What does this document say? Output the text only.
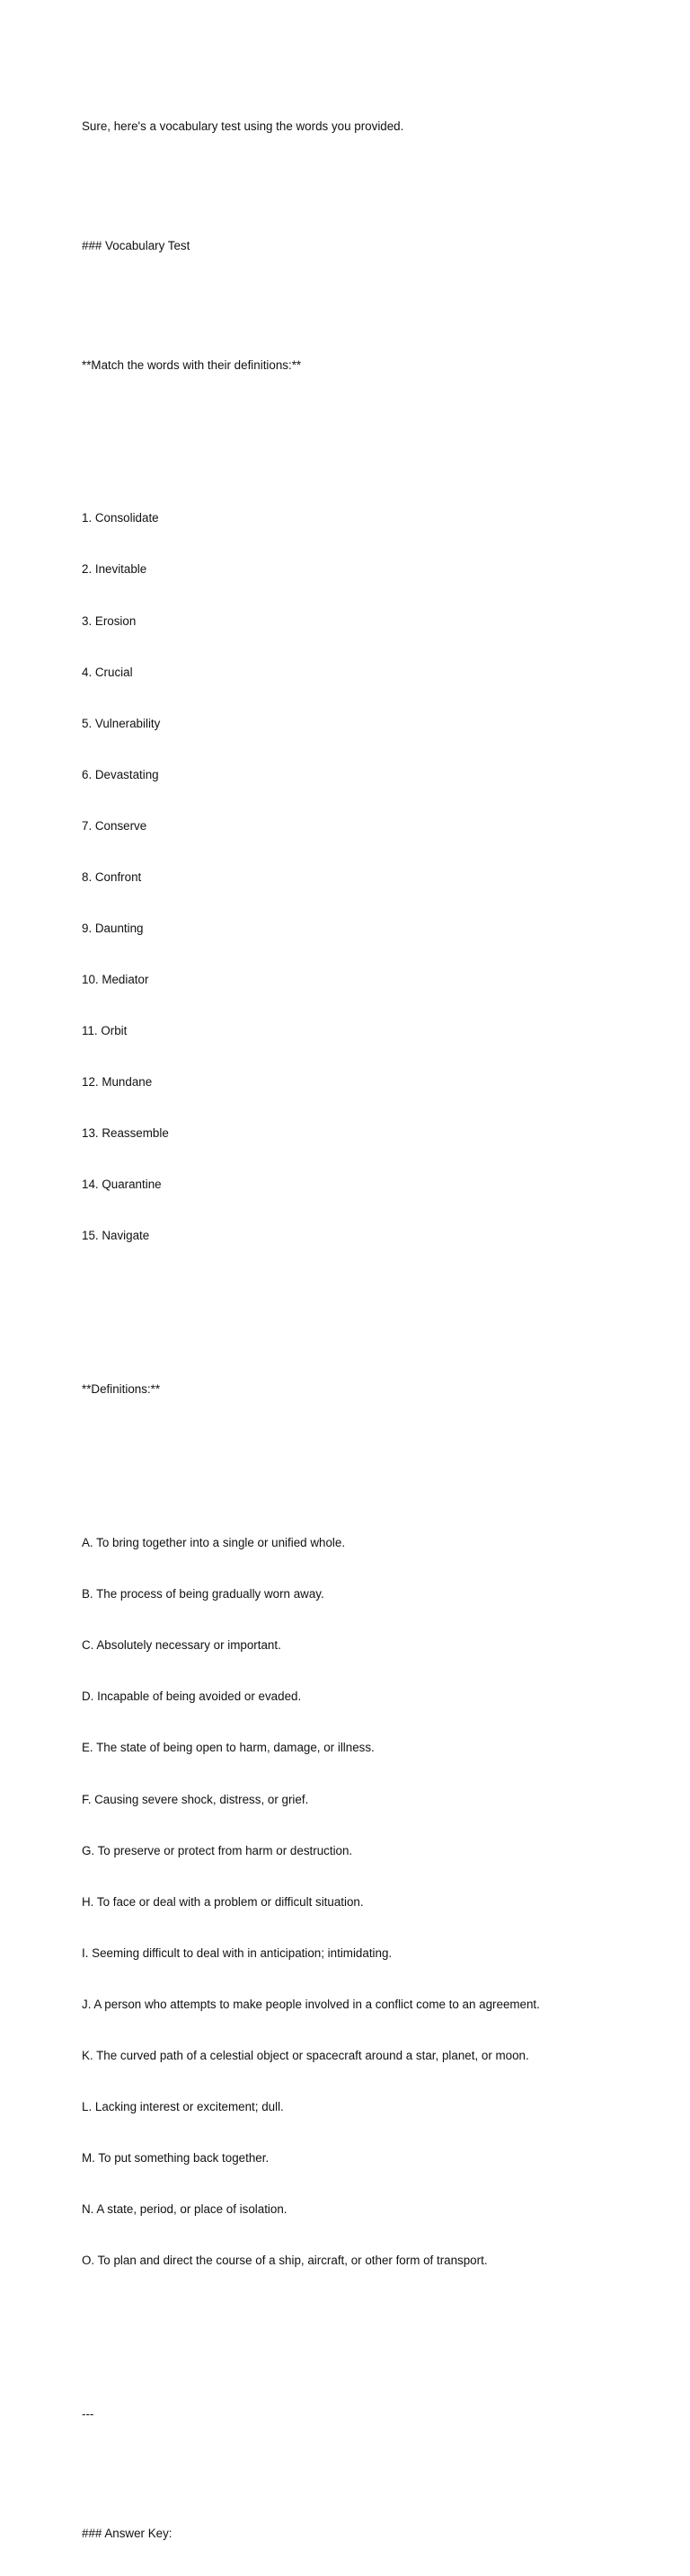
Sure, here's a vocabulary test using the words you provided.

### Vocabulary Test

**Match the words with their definitions:**

1. Consolidate

2. Inevitable

3. Erosion

4. Crucial

5. Vulnerability

6. Devastating

7. Conserve

8. Confront

9. Daunting

10. Mediator

11. Orbit

12. Mundane

13. Reassemble

14. Quarantine

15. Navigate

**Definitions:**

A. To bring together into a single or unified whole.

B. The process of being gradually worn away.

C. Absolutely necessary or important.

D. Incapable of being avoided or evaded.

E. The state of being open to harm, damage, or illness.

F. Causing severe shock, distress, or grief.

G. To preserve or protect from harm or destruction.

H. To face or deal with a problem or difficult situation.

I. Seeming difficult to deal with in anticipation; intimidating.

J. A person who attempts to make people involved in a conflict come to an agreement.

K. The curved path of a celestial object or spacecraft around a star, planet, or moon.

L. Lacking interest or excitement; dull.

M. To put something back together.

N. A state, period, or place of isolation.

O. To plan and direct the course of a ship, aircraft, or other form of transport.

---

### Answer Key:
